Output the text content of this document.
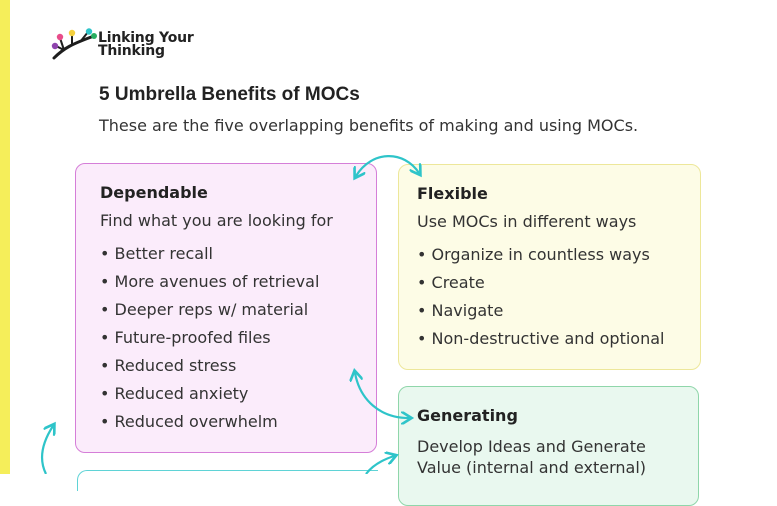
Linking Your
Thinking
5 Umbrella Benefits of MOCs
These are the five overlapping benefits of making and using MOCs.
Dependable
Find what you are looking for
• Better recall
• More avenues of retrieval
• Deeper reps w/ material
• Future-proofed files
• Reduced stress
• Reduced anxiety
• Reduced overwhelm
Flexible
Use MOCs in different ways
• Organize in countless ways
• Create
• Navigate
• Non-destructive and optional
Generating
Develop Ideas and Generate Value (internal and external)
